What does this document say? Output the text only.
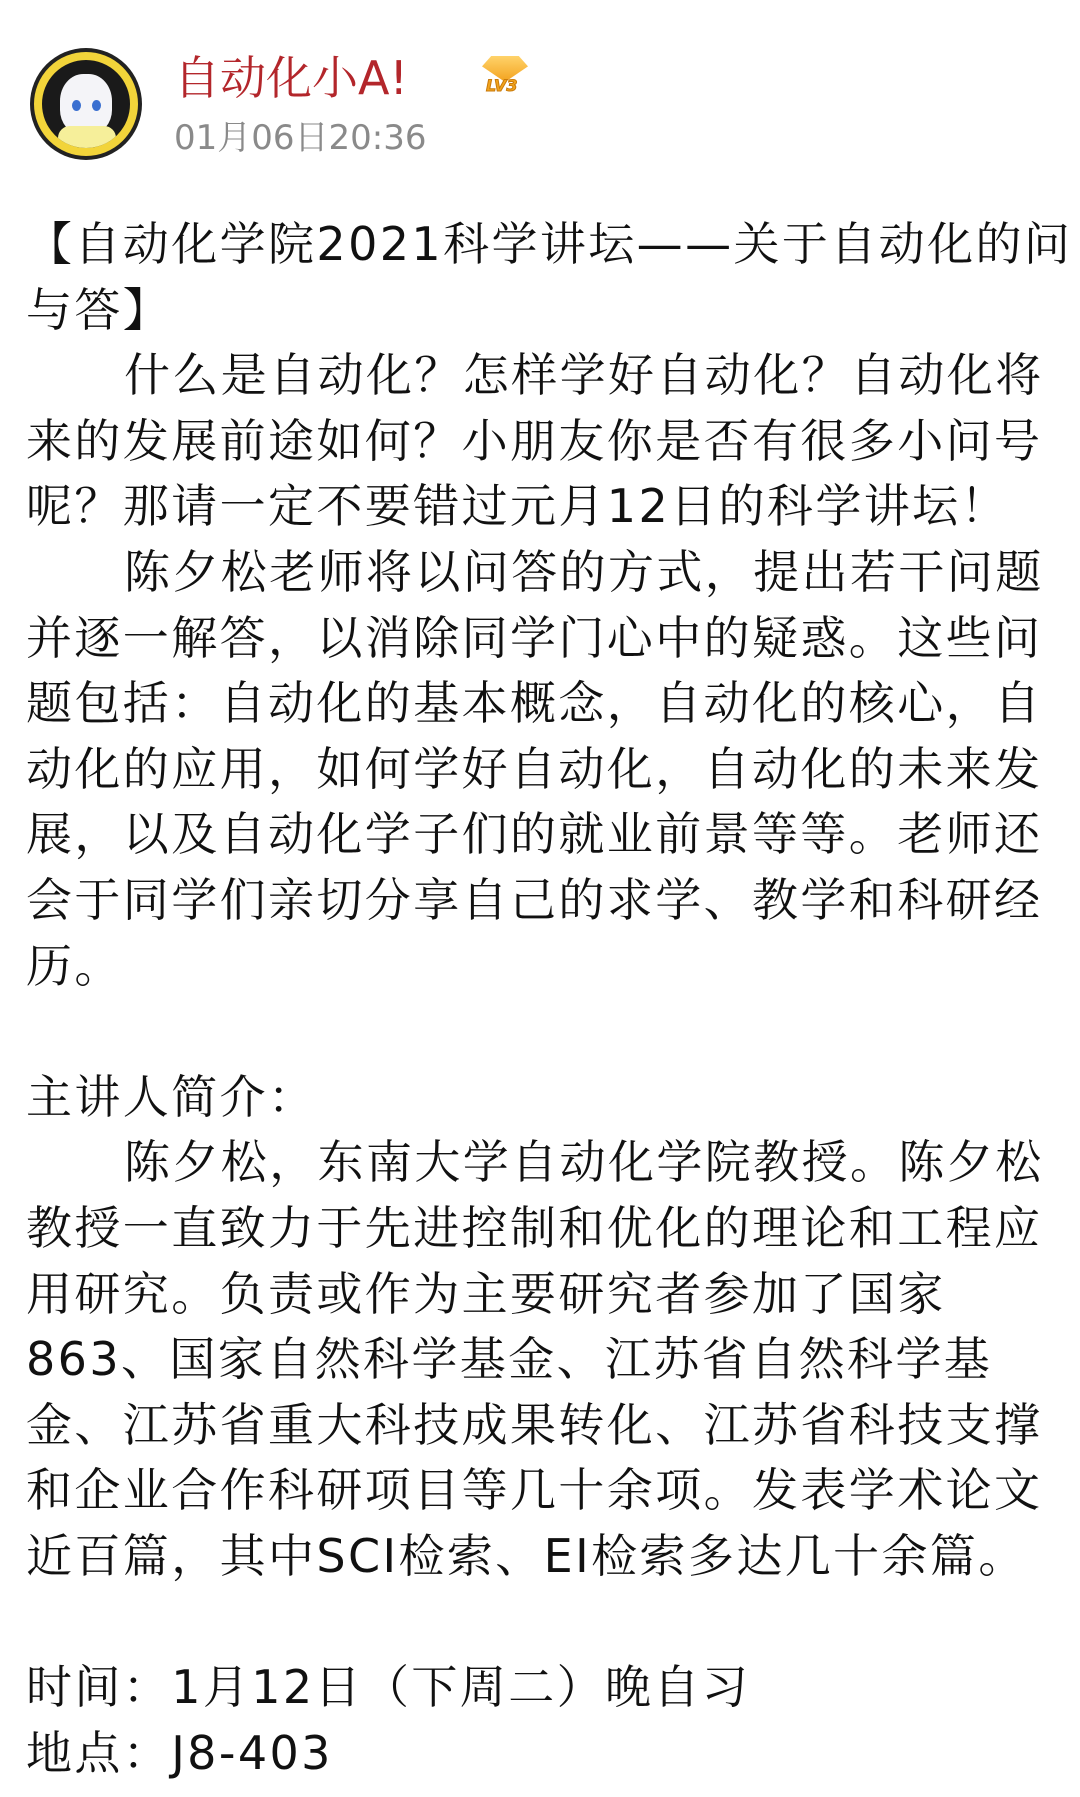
自动化小A!
01月06日20:36
LV3
【自动化学院2021科学讲坛——关于自动化的问
与答】
什么是自动化？怎样学好自动化？自动化将
来的发展前途如何？小朋友你是否有很多小问号
呢？那请一定不要错过元月12日的科学讲坛！
陈夕松老师将以问答的方式，提出若干问题
并逐一解答，以消除同学门心中的疑惑。这些问
题包括：自动化的基本概念，自动化的核心，自
动化的应用，如何学好自动化，自动化的未来发
展，以及自动化学子们的就业前景等等。老师还
会于同学们亲切分享自己的求学、教学和科研经
历。
主讲人简介：
陈夕松，东南大学自动化学院教授。陈夕松
教授一直致力于先进控制和优化的理论和工程应
用研究。负责或作为主要研究者参加了国家
863、国家自然科学基金、江苏省自然科学基
金、江苏省重大科技成果转化、江苏省科技支撑
和企业合作科研项目等几十余项。发表学术论文
近百篇，其中SCI检索、EI检索多达几十余篇。
时间：1月12日（下周二）晚自习
地点：J8-403
